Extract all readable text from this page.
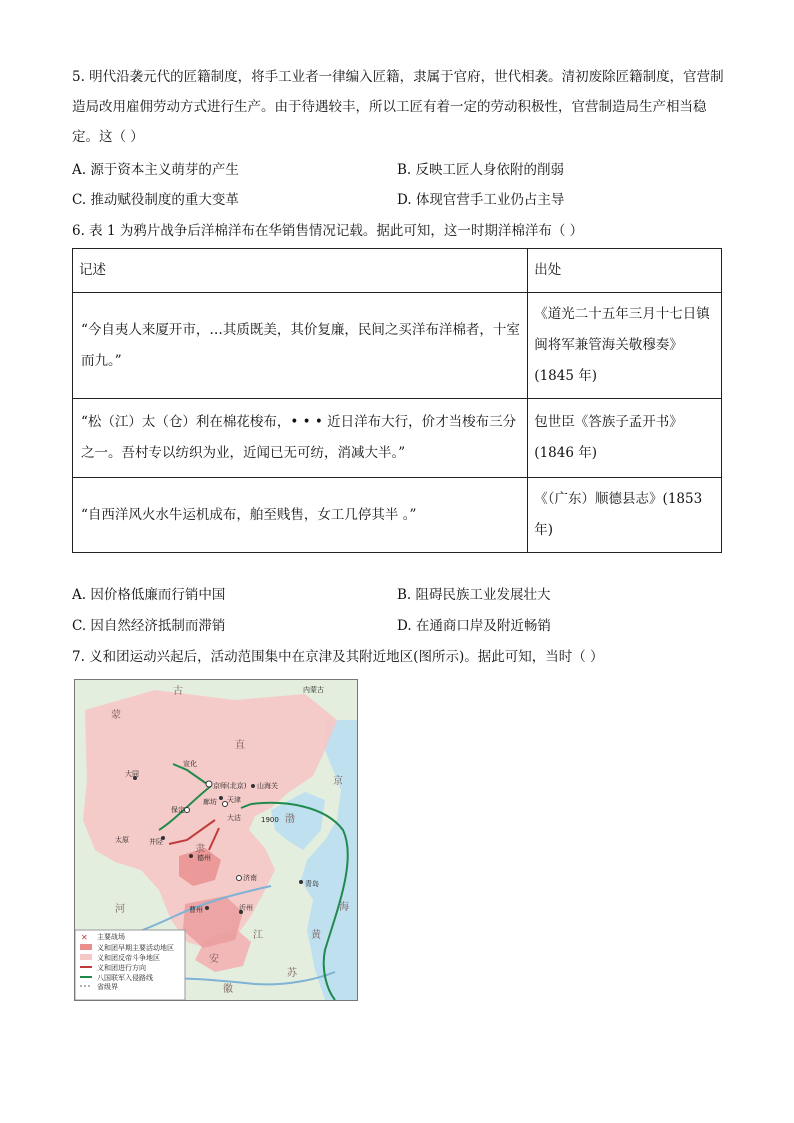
5. 明代沿袭元代的匠籍制度，将手工业者一律编入匠籍，隶属于官府，世代相袭。清初废除匠籍制度，官营制造局改用雇佣劳动方式进行生产。由于待遇较丰，所以工匠有着一定的劳动积极性，官营制造局生产相当稳定。这（ ）
A. 源于资本主义萌芽的产生	B. 反映工匠人身依附的削弱
C. 推动赋役制度的重大变革	D. 体现官营手工业仍占主导
6. 表 1 为鸦片战争后洋棉洋布在华销售情况记载。据此可知，这一时期洋棉洋布（ ）
记述	出处
“今自夷人来厦开市，…其质既美，其价复廉，民间之买洋布洋棉者，十室而九。”	《道光二十五年三月十七日镇闽将军兼管海关敬穆奏》(1845 年)
“松（江）太（仓）利在棉花梭布，• • • 近日洋布大行，价才当梭布三分之一。吾村专以纺织为业，近闻已无可纺，消减大半。”	包世臣《答族子孟开书》(1846 年)
“自西洋风火水牛运机成布，舶至贱售，女工几停其半 。”	《（广东）顺德县志》(1853 年)
A. 因价格低廉而行销中国	B. 阻碍民族工业发展壮大
C. 因自然经济抵制而滞销	D. 在通商口岸及附近畅销
7. 义和团运动兴起后，活动范围集中在京津及其附近地区(图所示)。据此可知，当时（ ）
古
蒙
直
隶
京
渤
海
黄
河
江
苏
安
徽
内蒙古
山海关
宣化
大同
京师(北京)
保定
廊坊 天津
大沽
太原	井陉
德州
济南
青岛
曹州	沂州
1900
✕ 主要战场
义和团早期主要活动地区
义和团反帝斗争地区
义和团进行方向
八国联军入侵路线
省级界
